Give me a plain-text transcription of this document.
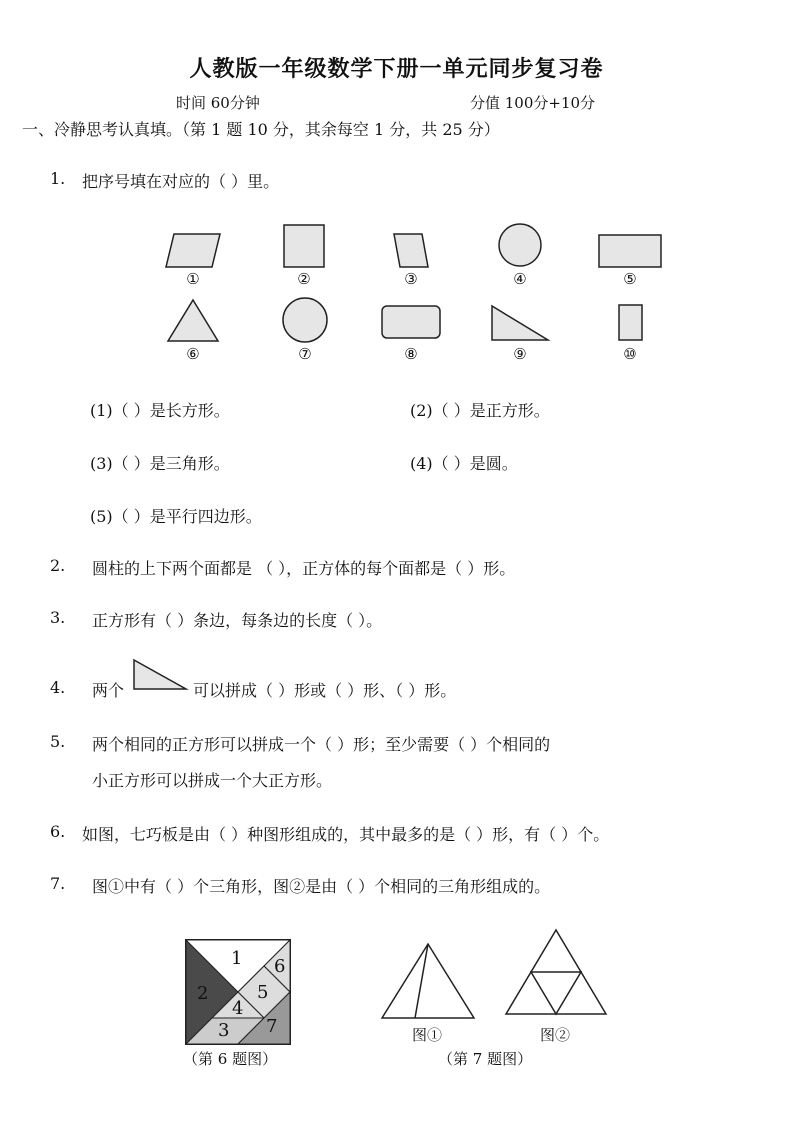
人教版一年级数学下册一单元同步复习卷
时间 60分钟	分值 100分+10分
一、冷静思考认真填。（第 1 题 10 分，其余每空 1 分，共 25 分）
1. 把序号填在对应的（ ）里。
①	②	③	④	⑤
⑥	⑦	⑧	⑨	⑩
(1)（ ）是长方形。	(2)（ ）是正方形。
(3)（ ）是三角形。	(4)（ ）是圆。
(5)（ ）是平行四边形。
2. 圆柱的上下两个面都是 （ ），正方体的每个面都是（ ）形。
3. 正方形有（ ）条边，每条边的长度（ ）。
4. 两个	可以拼成（ ）形或（ ）形、（ ）形。
5. 两个相同的正方形可以拼成一个（ ）形；至少需要（ ）个相同的
小正方形可以拼成一个大正方形。
6. 如图，七巧板是由（ ）种图形组成的，其中最多的是（ ）形，有（ ）个。
7. 图①中有（ ）个三角形，图②是由（ ）个相同的三角形组成的。
1
2
3
4
5
6
7
（第 6 题图）
图①	图②
（第 7 题图）
